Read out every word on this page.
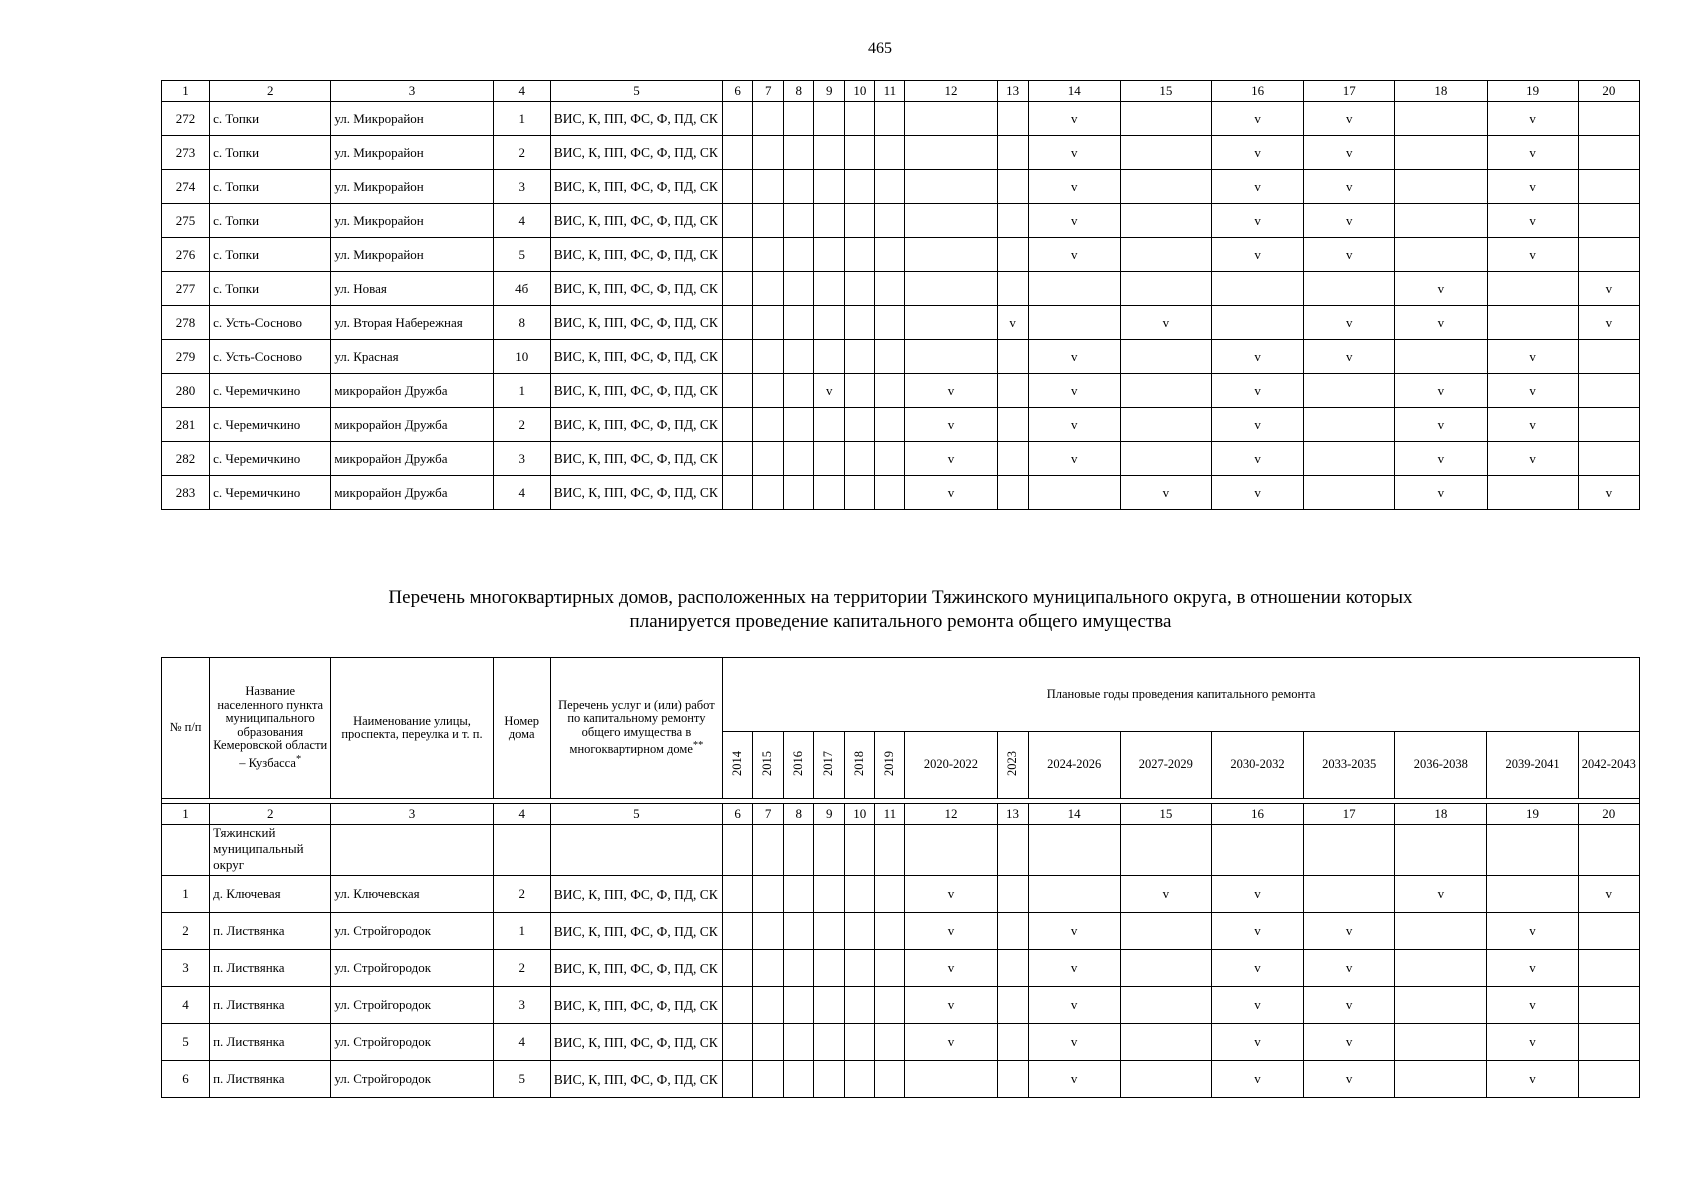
465
1	2	3	4	5	6	7	8	9	10	11	12	13	14	15	16	17	18	19	20
272	с. Топки	ул. Микрорайон	1	ВИС, К, ПП, ФС, Ф, ПД, СК									v		v	v		v	
273	с. Топки	ул. Микрорайон	2	ВИС, К, ПП, ФС, Ф, ПД, СК									v		v	v		v	
274	с. Топки	ул. Микрорайон	3	ВИС, К, ПП, ФС, Ф, ПД, СК									v		v	v		v	
275	с. Топки	ул. Микрорайон	4	ВИС, К, ПП, ФС, Ф, ПД, СК									v		v	v		v	
276	с. Топки	ул. Микрорайон	5	ВИС, К, ПП, ФС, Ф, ПД, СК									v		v	v		v	
277	с. Топки	ул. Новая	4б	ВИС, К, ПП, ФС, Ф, ПД, СК													v		v
278	с. Усть-Сосново	ул. Вторая Набережная	8	ВИС, К, ПП, ФС, Ф, ПД, СК								v		v		v	v		v
279	с. Усть-Сосново	ул. Красная	10	ВИС, К, ПП, ФС, Ф, ПД, СК									v		v	v		v	
280	с. Черемичкино	микрорайон Дружба	1	ВИС, К, ПП, ФС, Ф, ПД, СК				v			v		v		v		v	v	
281	с. Черемичкино	микрорайон Дружба	2	ВИС, К, ПП, ФС, Ф, ПД, СК							v		v		v		v	v	
282	с. Черемичкино	микрорайон Дружба	3	ВИС, К, ПП, ФС, Ф, ПД, СК							v		v		v		v	v	
283	с. Черемичкино	микрорайон Дружба	4	ВИС, К, ПП, ФС, Ф, ПД, СК							v			v	v		v		v
Перечень многоквартирных домов, расположенных на территории Тяжинского муниципального округа, в отношении которых
планируется проведение капитального ремонта общего имущества
№ п/п	Название населенного пункта муниципального образования Кемеровской области – Кузбасса*	Наименование улицы, проспекта, переулка и т. п.	Номер дома	Перечень услуг и (или) работ по капитальному ремонту общего имущества в многоквартирном доме**	Плановые годы проведения капитального ремонта														
					2014	2015	2016	2017	2018	2019	2020-2022	2023	2024-2026	2027-2029	2030-2032	2033-2035	2036-2038	2039-2041	2042-2043

1	2	3	4	5	6	7	8	9	10	11	12	13	14	15	16	17	18	19	20
	Тяжинский муниципальный округ																		
1	д. Ключевая	ул. Ключевская	2	ВИС, К, ПП, ФС, Ф, ПД, СК							v			v	v		v		v
2	п. Листвянка	ул. Стройгородок	1	ВИС, К, ПП, ФС, Ф, ПД, СК							v		v		v	v		v	
3	п. Листвянка	ул. Стройгородок	2	ВИС, К, ПП, ФС, Ф, ПД, СК							v		v		v	v		v	
4	п. Листвянка	ул. Стройгородок	3	ВИС, К, ПП, ФС, Ф, ПД, СК							v		v		v	v		v	
5	п. Листвянка	ул. Стройгородок	4	ВИС, К, ПП, ФС, Ф, ПД, СК							v		v		v	v		v	
6	п. Листвянка	ул. Стройгородок	5	ВИС, К, ПП, ФС, Ф, ПД, СК									v		v	v		v	
